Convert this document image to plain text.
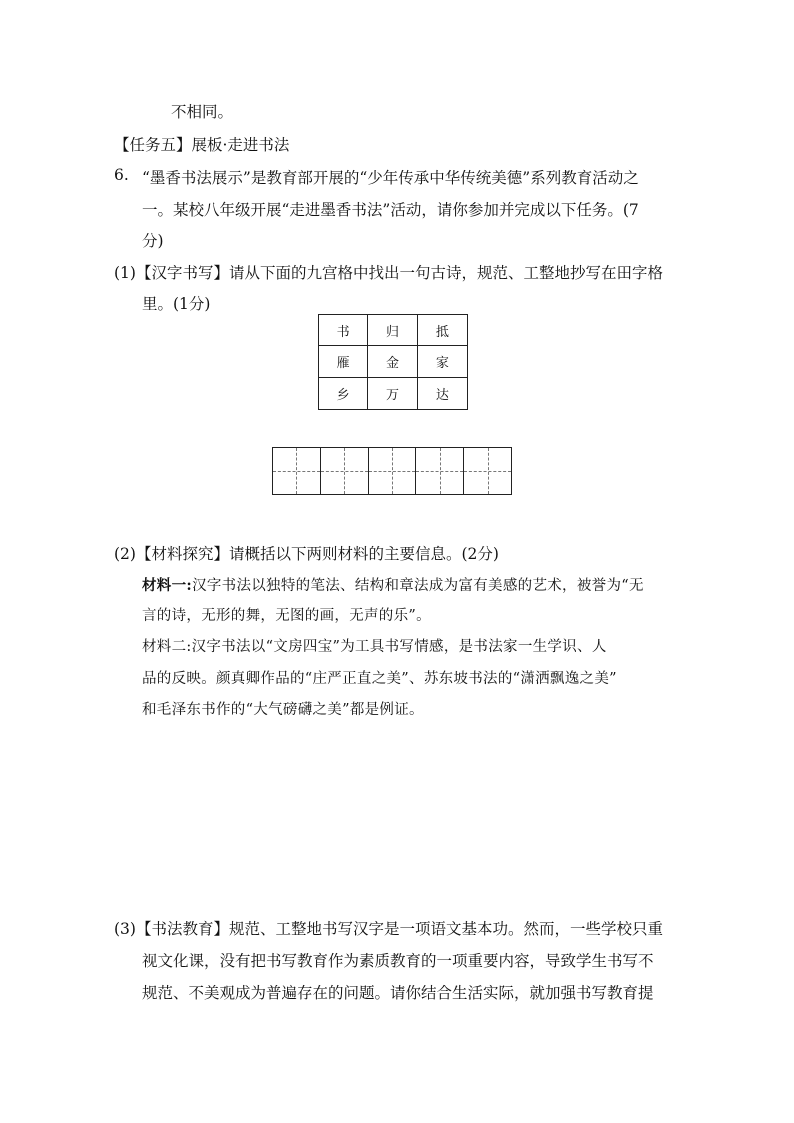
不相同。
【任务五】展板·走进书法
6. “墨香书法展示”是教育部开展的“少年传承中华传统美德”系列教育活动之
一。某校八年级开展“走进墨香书法”活动，请你参加并完成以下任务。(7
分)
(1)【汉字书写】请从下面的九宫格中找出一句古诗，规范、工整地抄写在田字格
里。(1分)
书	归	抵
雁	金	家
乡	万	达
(2)【材料探究】请概括以下两则材料的主要信息。(2分)
材料一:汉字书法以独特的笔法、结构和章法成为富有美感的艺术，被誉为“无
言的诗，无形的舞，无图的画，无声的乐”。
材料二:汉字书法以“文房四宝”为工具书写情感，是书法家一生学识、人
品的反映。颜真卿作品的“庄严正直之美”、苏东坡书法的“潇洒飘逸之美”
和毛泽东书作的“大气磅礴之美”都是例证。
(3)【书法教育】规范、工整地书写汉字是一项语文基本功。然而，一些学校只重
视文化课，没有把书写教育作为素质教育的一项重要内容，导致学生书写不
规范、不美观成为普遍存在的问题。请你结合生活实际，就加强书写教育提
